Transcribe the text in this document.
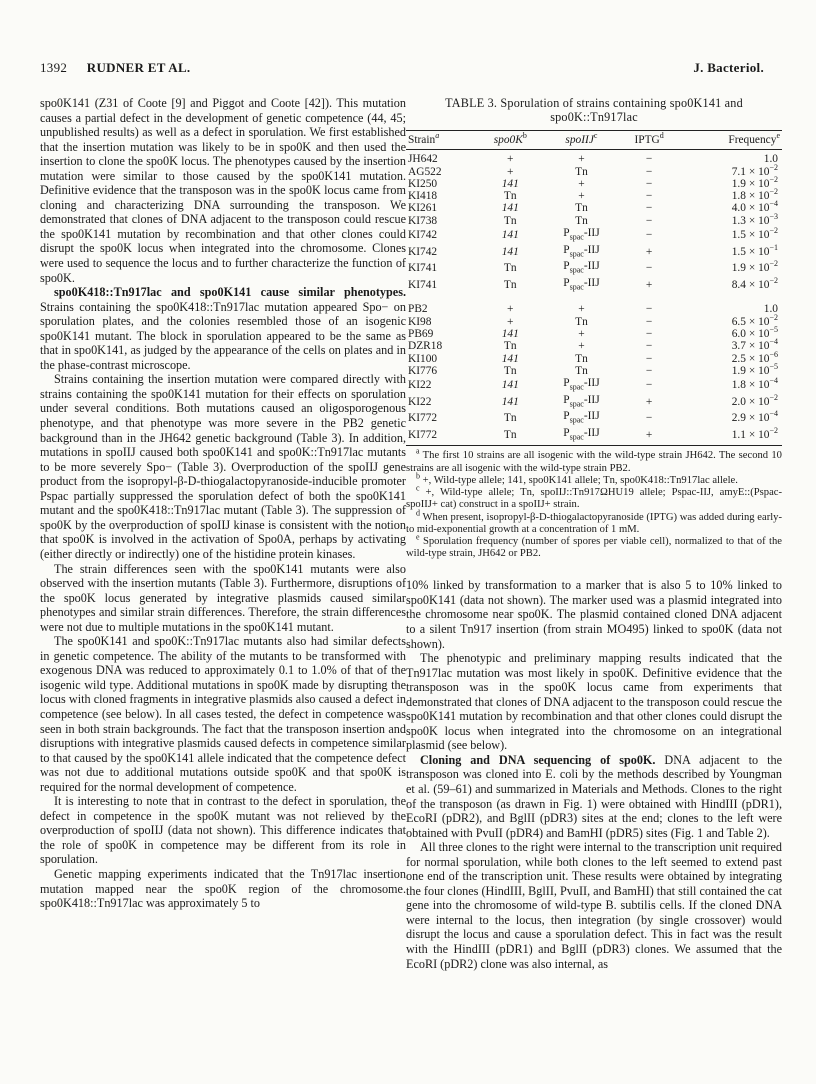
1392 RUDNER ET AL.	J. Bacteriol.

spo0K141 (Z31 of Coote [9] and Piggot and Coote [42]). This mutation causes a partial defect in the development of genetic competence (44, 45; unpublished results) as well as a defect in sporulation. We first established that the insertion mutation was likely to be in spo0K and then used the insertion to clone the spo0K locus. The phenotypes caused by the insertion mutation were similar to those caused by the spo0K141 mutation. Definitive evidence that the transposon was in the spo0K locus came from cloning and characterizing DNA surrounding the transposon. We demonstrated that clones of DNA adjacent to the transposon could rescue the spo0K141 mutation by recombination and that other clones could disrupt the spo0K locus when integrated into the chromosome. Clones were used to sequence the locus and to further characterize the function of spo0K.

spo0K418::Tn917lac and spo0K141 cause similar phenotypes. Strains containing the spo0K418::Tn917lac mutation appeared Spo− on sporulation plates, and the colonies resembled those of an isogenic spo0K141 mutant. The block in sporulation appeared to be the same as that in spo0K141, as judged by the appearance of the cells on plates and in the phase-contrast microscope.

Strains containing the insertion mutation were compared directly with strains containing the spo0K141 mutation for their effects on sporulation under several conditions. Both mutations caused an oligosporogenous phenotype, and that phenotype was more severe in the PB2 genetic background than in the JH642 genetic background (Table 3). In addition, mutations in spoIIJ caused both spo0K141 and spo0K::Tn917lac mutants to be more severely Spo− (Table 3). Overproduction of the spoIIJ gene product from the isopropyl-β-D-thiogalactopyranoside-inducible promoter Pspac partially suppressed the sporulation defect of both the spo0K141 mutant and the spo0K418::Tn917lac mutant (Table 3). The suppression of spo0K by the overproduction of spoIIJ kinase is consistent with the notion that spo0K is involved in the activation of Spo0A, perhaps by activating (either directly or indirectly) one of the histidine protein kinases.

The strain differences seen with the spo0K141 mutants were also observed with the insertion mutants (Table 3). Furthermore, disruptions of the spo0K locus generated by integrative plasmids caused similar phenotypes and similar strain differences. Therefore, the strain differences were not due to multiple mutations in the spo0K141 mutant.

The spo0K141 and spo0K::Tn917lac mutants also had similar defects in genetic competence. The ability of the mutants to be transformed with exogenous DNA was reduced to approximately 0.1 to 1.0% of that of the isogenic wild type. Additional mutations in spo0K made by disrupting the locus with cloned fragments in integrative plasmids also caused a defect in competence (see below). In all cases tested, the defect in competence was seen in both strain backgrounds. The fact that the transposon insertion and disruptions with integrative plasmids caused defects in competence similar to that caused by the spo0K141 allele indicated that the competence defect was not due to additional mutations outside spo0K and that spo0K is required for the normal development of competence.

It is interesting to note that in contrast to the defect in sporulation, the defect in competence in the spo0K mutant was not relieved by the overproduction of spoIIJ (data not shown). This difference indicates that the role of spo0K in competence may be different from its role in sporulation.

Genetic mapping experiments indicated that the Tn917lac insertion mutation mapped near the spo0K region of the chromosome. spo0K418::Tn917lac was approximately 5 to

TABLE 3. Sporulation of strains containing spo0K141 and
spo0K::Tn917lac
Strain$^a$	$spo0K^b$	spoIIJ$^c$	IPTG$^d$	Frequency$^e$
JH642	+	+	−	1.0
AG522	+	Tn	−	$7.1 \times 10^{-2}$
KI250	141	+	−	$1.9 \times 10^{-2}$
KI418	Tn	+	−	$1.8 \times 10^{-2}$
KI261	141	Tn	−	$4.0 \times 10^{-4}$
KI738	Tn	Tn	−	$1.3 \times 10^{-3}$
KI742	141	$P_{spac}$-IIJ	−	$1.5 \times 10^{-2}$
KI742	141	$P_{spac}$-IIJ	+	$1.5 \times 10^{-1}$
KI741	Tn	$P_{spac}$-IIJ	−	$1.9 \times 10^{-2}$
KI741	Tn	$P_{spac}$-IIJ	+	$8.4 \times 10^{-2}$

PB2	+	+	−	1.0
KI98	+	Tn	−	$6.5 \times 10^{-2}$
PB69	141	+	−	$6.0 \times 10^{-5}$
DZR18	Tn	+	−	$3.7 \times 10^{-4}$
KI100	141	Tn	−	$2.5 \times 10^{-6}$
KI776	Tn	Tn	−	$1.9 \times 10^{-5}$
KI22	141	$P_{spac}$-IIJ	−	$1.8 \times 10^{-4}$
KI22	141	$P_{spac}$-IIJ	+	$2.0 \times 10^{-2}$
KI772	Tn	$P_{spac}$-IIJ	−	$2.9 \times 10^{-4}$
KI772	Tn	$P_{spac}$-IIJ	+	$1.1 \times 10^{-2}$

$^a$ The first 10 strains are all isogenic with the wild-type strain JH642. The second 10 strains are all isogenic with the wild-type strain PB2.

$^b$ +, Wild-type allele; 141, spo0K141 allele; Tn, spo0K418::Tn917lac allele.

$^c$ +, Wild-type allele; Tn, spoIIJ::Tn917ΩHU19 allele; Pspac-IIJ, amyE::(Pspac-spoIIJ+ cat) construct in a spoIIJ+ strain.

$^d$ When present, isopropyl-β-D-thiogalactopyranoside (IPTG) was added during early- to mid-exponential growth at a concentration of 1 mM.

$^e$ Sporulation frequency (number of spores per viable cell), normalized to that of the wild-type strain, JH642 or PB2.

10% linked by transformation to a marker that is also 5 to 10% linked to spo0K141 (data not shown). The marker used was a plasmid integrated into the chromosome near spo0K. The plasmid contained cloned DNA adjacent to a silent Tn917 insertion (from strain MO495) linked to spo0K (data not shown).

The phenotypic and preliminary mapping results indicated that the Tn917lac mutation was most likely in spo0K. Definitive evidence that the transposon was in the spo0K locus came from experiments that demonstrated that clones of DNA adjacent to the transposon could rescue the spo0K141 mutation by recombination and that other clones could disrupt the spo0K locus when integrated into the chromosome on an integrational plasmid (see below).

Cloning and DNA sequencing of spo0K. DNA adjacent to the transposon was cloned into E. coli by the methods described by Youngman et al. (59–61) and summarized in Materials and Methods. Clones to the right of the transposon (as drawn in Fig. 1) were obtained with HindIII (pDR1), EcoRI (pDR2), and BglII (pDR3) sites at the end; clones to the left were obtained with PvuII (pDR4) and BamHI (pDR5) sites (Fig. 1 and Table 2).

All three clones to the right were internal to the transcription unit required for normal sporulation, while both clones to the left seemed to extend past one end of the transcription unit. These results were obtained by integrating the four clones (HindIII, BglII, PvuII, and BamHI) that still contained the cat gene into the chromosome of wild-type B. subtilis cells. If the cloned DNA were internal to the locus, then integration (by single crossover) would disrupt the locus and cause a sporulation defect. This in fact was the result with the HindIII (pDR1) and BglII (pDR3) clones. We assumed that the EcoRI (pDR2) clone was also internal, as
